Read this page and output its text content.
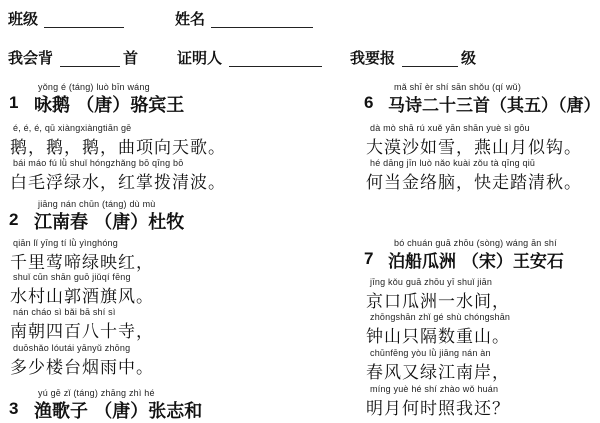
班级	姓名
我会背	首	证明人	我要报	级
yǒng é (táng) luò bīn wáng
1 咏鹅 （唐）骆宾王
é, é, é, qū xiàngxiàngtiān gē
鹅，鹅，鹅，曲项向天歌。
bái máo fú lǜ shuǐ hóngzhǎng bō qīng bō
白毛浮绿水，红掌拨清波。
jiāng nán chūn (táng) dù mù
2 江南春 （唐）杜牧
qiān lǐ yīng tí lǜ yìnghóng
千里莺啼绿映红，
shuǐ cūn shān guō jiǔqí fēng
水村山郭酒旗风。
nán cháo sì bǎi bā shí sì
南朝四百八十寺，
duōshǎo lóutái yānyǔ zhōng
多少楼台烟雨中。
yú gē zǐ (táng) zhāng zhì hé
3 渔歌子 （唐）张志和
mǎ shī èr shí sān shǒu (qí wǔ)
6 马诗二十三首（其五）（唐）
dà mò shā rú xuě yān shān yuè sì gōu
大漠沙如雪，燕山月似钩。
hé dāng jīn luò nǎo kuài zǒu tà qīng qiū
何当金络脑，快走踏清秋。
bó chuán guā zhōu (sòng) wáng ān shí
7 泊船瓜洲 （宋）王安石
jīng kǒu guā zhōu yī shuǐ jiān
京口瓜洲一水间，
zhōngshān zhǐ gé shù chóngshān
钟山只隔数重山。
chūnfēng yòu lǜ jiāng nán àn
春风又绿江南岸，
míng yuè hé shí zhào wǒ huán
明月何时照我还？
